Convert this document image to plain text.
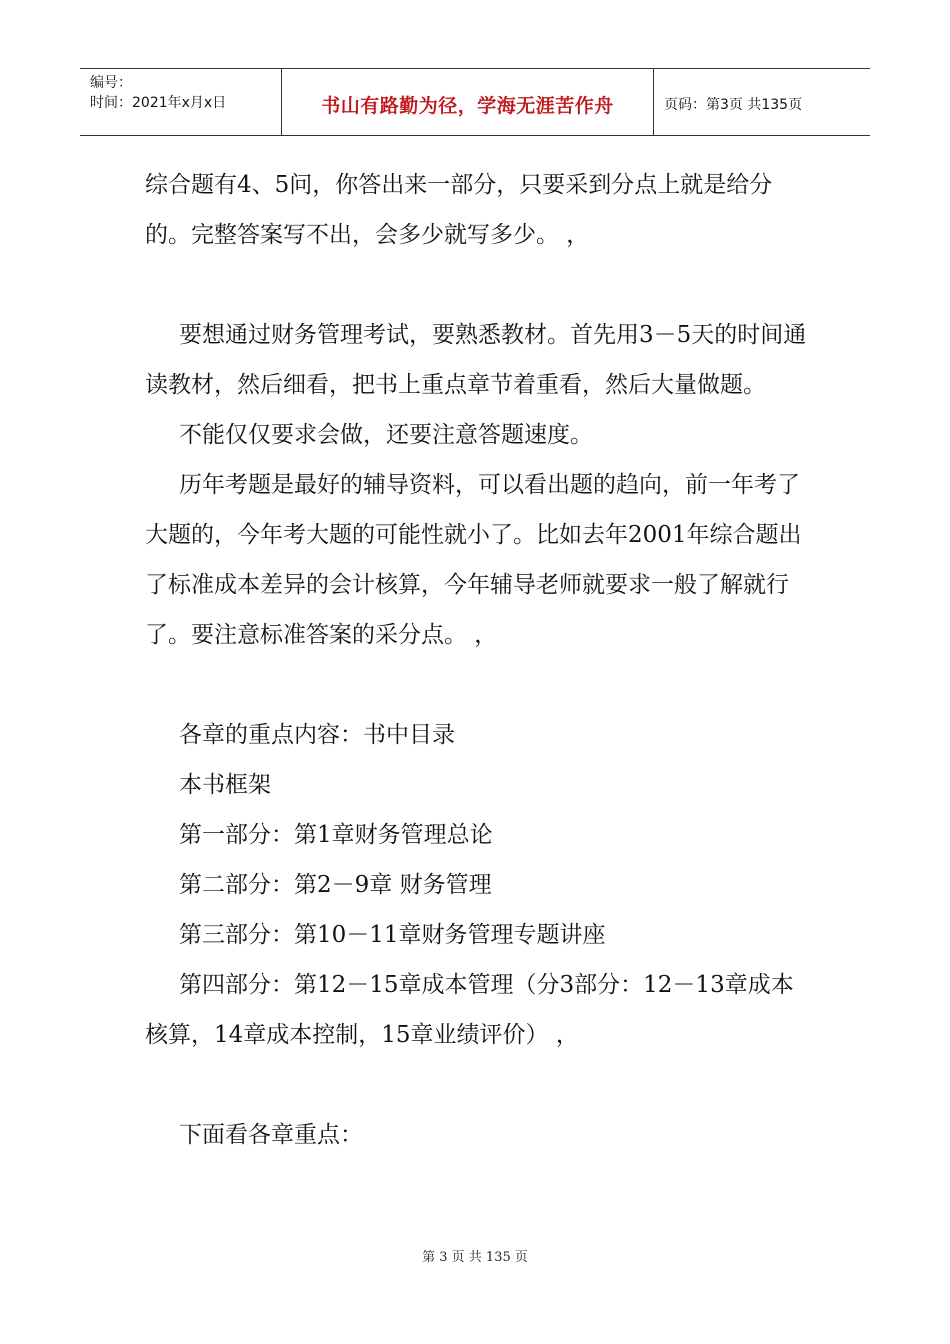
编号：
时间：2021年x月x日	书山有路勤为径，学海无涯苦作舟	页码：第3页 共135页

综合题有4、5问，你答出来一部分，只要采到分点上就是给分的。完整答案写不出，会多少就写多少。 ，

要想通过财务管理考试，要熟悉教材。首先用3－5天的时间通读教材，然后细看，把书上重点章节着重看，然后大量做题。

不能仅仅要求会做，还要注意答题速度。

历年考题是最好的辅导资料，可以看出题的趋向，前一年考了大题的，今年考大题的可能性就小了。比如去年2001年综合题出了标准成本差异的会计核算，今年辅导老师就要求一般了解就行了。要注意标准答案的采分点。 ，

各章的重点内容：书中目录

本书框架

第一部分：第1章财务管理总论

第二部分：第2－9章 财务管理

第三部分：第10－11章财务管理专题讲座

第四部分：第12－15章成本管理（分3部分：12－13章成本核算，14章成本控制，15章业绩评价） ，

下面看各章重点：

第 3 页 共 135 页
